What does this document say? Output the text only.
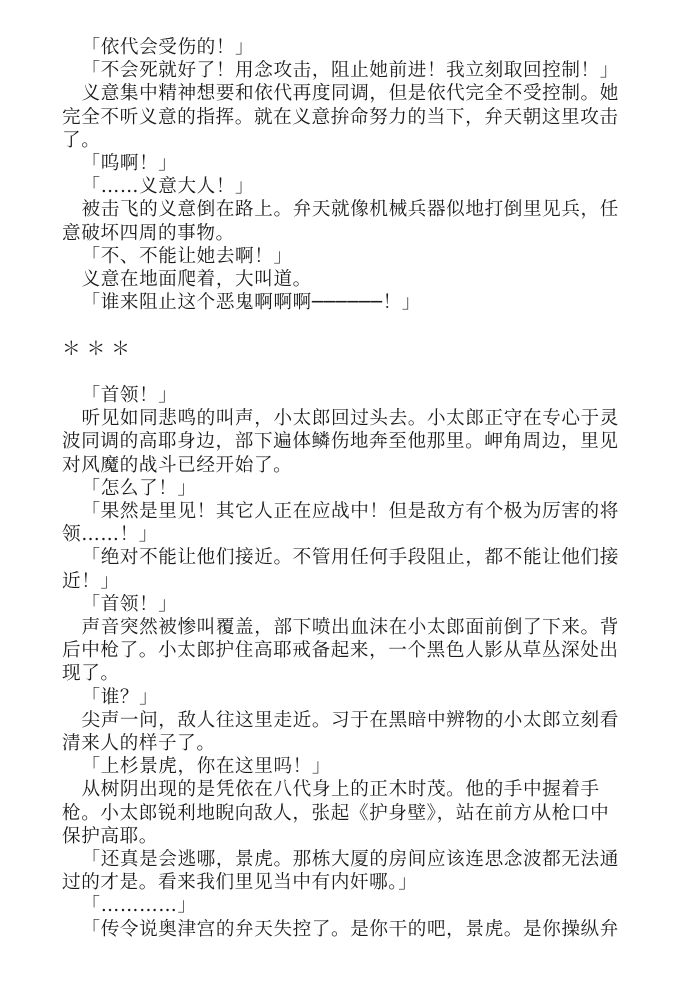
「依代会受伤的！」

「不会死就好了！用念攻击，阻止她前进！我立刻取回控制！」

义意集中精神想要和依代再度同调，但是依代完全不受控制。她完全不听义意的指挥。就在义意拚命努力的当下，弁天朝这里攻击了。

「呜啊！」

「……义意大人！」

被击飞的义意倒在路上。弁天就像机械兵器似地打倒里见兵，任意破坏四周的事物。

「不、不能让她去啊！」

义意在地面爬着，大叫道。

「谁来阻止这个恶鬼啊啊啊──────！」

＊＊＊

「首领！」

听见如同悲鸣的叫声，小太郎回过头去。小太郎正守在专心于灵波同调的高耶身边，部下遍体鳞伤地奔至他那里。岬角周边，里见对风魔的战斗已经开始了。

「怎么了！」

「果然是里见！其它人正在应战中！但是敌方有个极为厉害的将领……！」

「绝对不能让他们接近。不管用任何手段阻止，都不能让他们接近！」

「首领！」

声音突然被惨叫覆盖，部下喷出血沫在小太郎面前倒了下来。背后中枪了。小太郎护住高耶戒备起来，一个黑色人影从草丛深处出现了。

「谁？」

尖声一问，敌人往这里走近。习于在黑暗中辨物的小太郎立刻看清来人的样子了。

「上杉景虎，你在这里吗！」

从树阴出现的是凭依在八代身上的正木时茂。他的手中握着手枪。小太郎锐利地睨向敌人，张起《护身壁》，站在前方从枪口中保护高耶。

「还真是会逃哪，景虎。那栋大厦的房间应该连思念波都无法通过的才是。看来我们里见当中有内奸哪。」

「…………」

「传令说奥津宫的弁天失控了。是你干的吧，景虎。是你操纵弁
